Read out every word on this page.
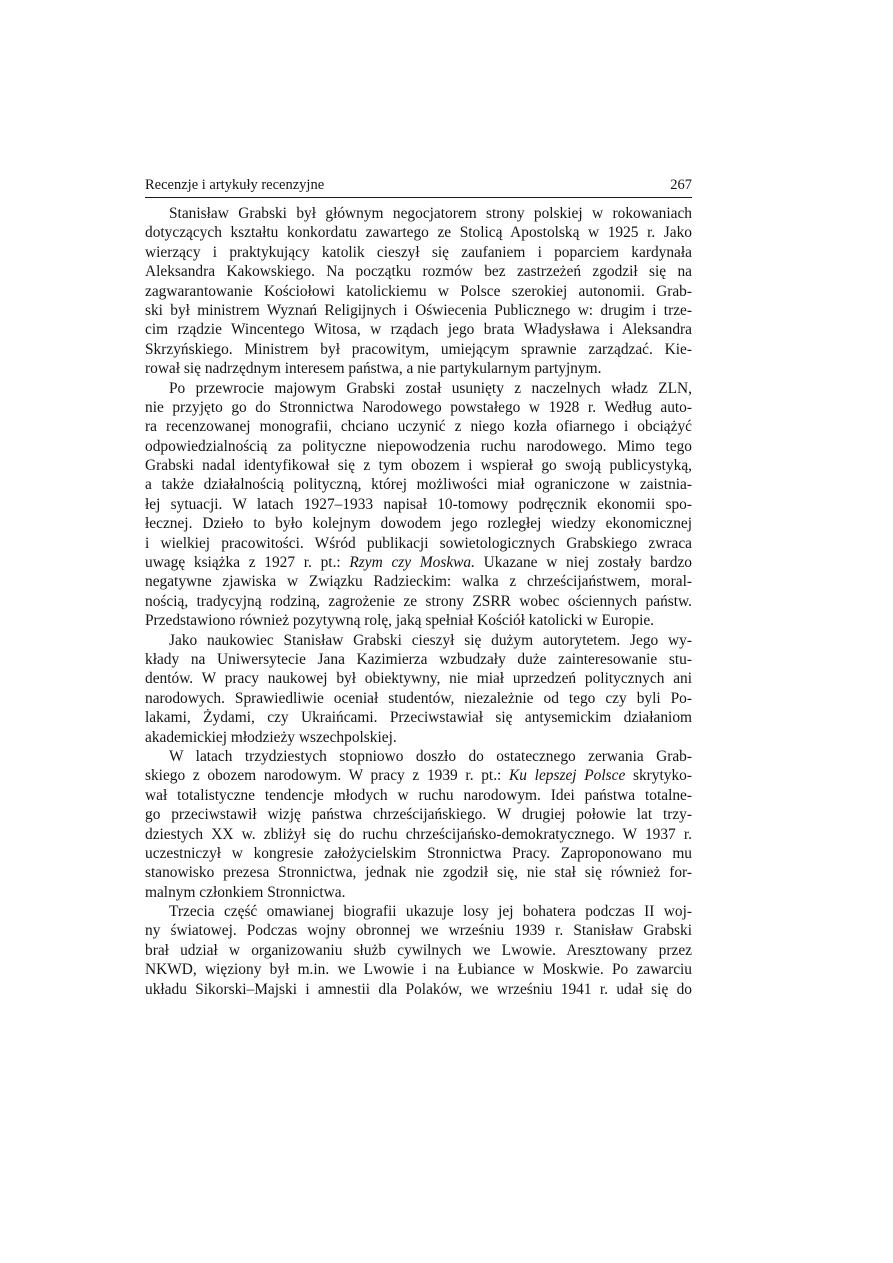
Recenzje i artykuły recenzyjne	267
Stanisław Grabski był głównym negocjatorem strony polskiej w rokowaniach
dotyczących kształtu konkordatu zawartego ze Stolicą Apostolską w 1925 r. Jako
wierzący i praktykujący katolik cieszył się zaufaniem i poparciem kardynała
Aleksandra Kakowskiego. Na początku rozmów bez zastrzeżeń zgodził się na
zagwarantowanie Kościołowi katolickiemu w Polsce szerokiej autonomii. Grab-
ski był ministrem Wyznań Religijnych i Oświecenia Publicznego w: drugim i trze-
cim rządzie Wincentego Witosa, w rządach jego brata Władysława i Aleksandra
Skrzyńskiego. Ministrem był pracowitym, umiejącym sprawnie zarządzać. Kie-
rował się nadrzędnym interesem państwa, a nie partykularnym partyjnym.
Po przewrocie majowym Grabski został usunięty z naczelnych władz ZLN,
nie przyjęto go do Stronnictwa Narodowego powstałego w 1928 r. Według auto-
ra recenzowanej monografii, chciano uczynić z niego kozła ofiarnego i obciążyć
odpowiedzialnością za polityczne niepowodzenia ruchu narodowego. Mimo tego
Grabski nadal identyfikował się z tym obozem i wspierał go swoją publicystyką,
a także działalnością polityczną, której możliwości miał ograniczone w zaistnia-
łej sytuacji. W latach 1927–1933 napisał 10-tomowy podręcznik ekonomii spo-
łecznej. Dzieło to było kolejnym dowodem jego rozległej wiedzy ekonomicznej
i wielkiej pracowitości. Wśród publikacji sowietologicznych Grabskiego zwraca
uwagę książka z 1927 r. pt.: Rzym czy Moskwa. Ukazane w niej zostały bardzo
negatywne zjawiska w Związku Radzieckim: walka z chrześcijaństwem, moral-
nością, tradycyjną rodziną, zagrożenie ze strony ZSRR wobec ościennych państw.
Przedstawiono również pozytywną rolę, jaką spełniał Kościół katolicki w Europie.
Jako naukowiec Stanisław Grabski cieszył się dużym autorytetem. Jego wy-
kłady na Uniwersytecie Jana Kazimierza wzbudzały duże zainteresowanie stu-
dentów. W pracy naukowej był obiektywny, nie miał uprzedzeń politycznych ani
narodowych. Sprawiedliwie oceniał studentów, niezależnie od tego czy byli Po-
lakami, Żydami, czy Ukraińcami. Przeciwstawiał się antysemickim działaniom
akademickiej młodzieży wszechpolskiej.
W latach trzydziestych stopniowo doszło do ostatecznego zerwania Grab-
skiego z obozem narodowym. W pracy z 1939 r. pt.: Ku lepszej Polsce skrytyko-
wał totalistyczne tendencje młodych w ruchu narodowym. Idei państwa totalne-
go przeciwstawił wizję państwa chrześcijańskiego. W drugiej połowie lat trzy-
dziestych XX w. zbliżył się do ruchu chrześcijańsko-demokratycznego. W 1937 r.
uczestniczył w kongresie założycielskim Stronnictwa Pracy. Zaproponowano mu
stanowisko prezesa Stronnictwa, jednak nie zgodził się, nie stał się również for-
malnym członkiem Stronnictwa.
Trzecia część omawianej biografii ukazuje losy jej bohatera podczas II woj-
ny światowej. Podczas wojny obronnej we wrześniu 1939 r. Stanisław Grabski
brał udział w organizowaniu służb cywilnych we Lwowie. Aresztowany przez
NKWD, więziony był m.in. we Lwowie i na Łubiance w Moskwie. Po zawarciu
układu Sikorski–Majski i amnestii dla Polaków, we wrześniu 1941 r. udał się do
